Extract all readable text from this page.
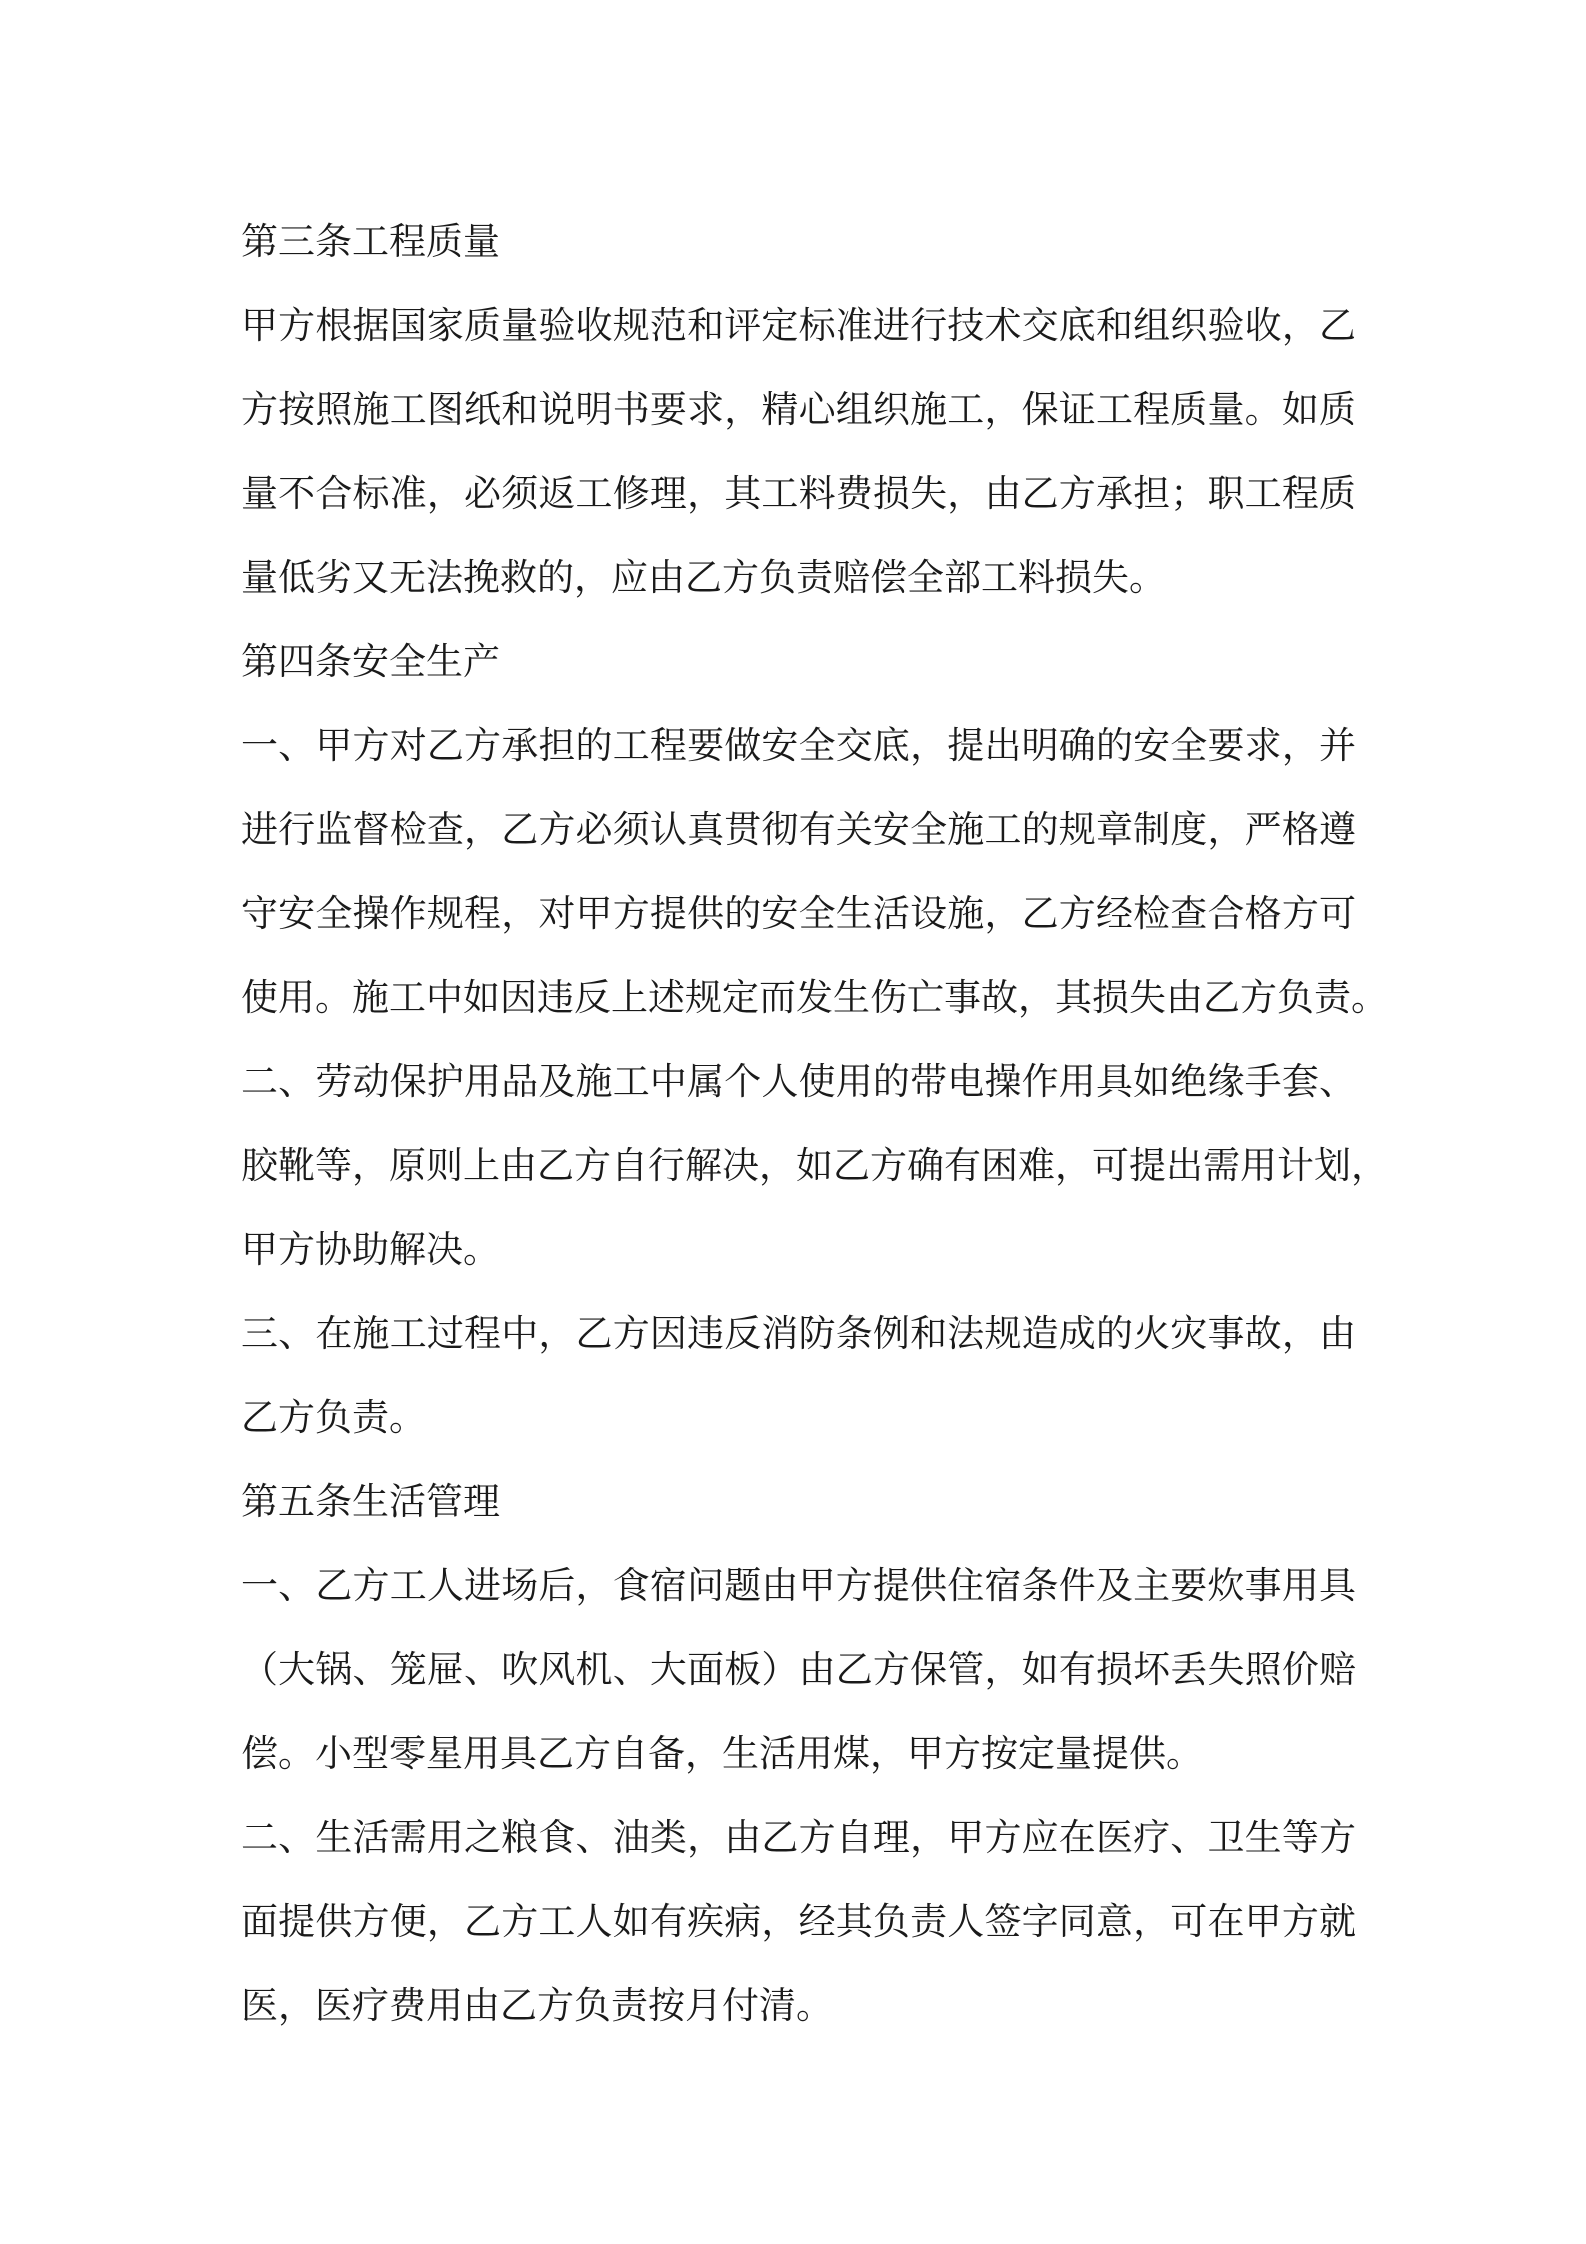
第三条工程质量

甲方根据国家质量验收规范和评定标准进行技术交底和组织验收，乙

方按照施工图纸和说明书要求，精心组织施工，保证工程质量。如质

量不合标准，必须返工修理，其工料费损失，由乙方承担；职工程质

量低劣又无法挽救的，应由乙方负责赔偿全部工料损失。

第四条安全生产

一、甲方对乙方承担的工程要做安全交底，提出明确的安全要求，并

进行监督检查，乙方必须认真贯彻有关安全施工的规章制度，严格遵

守安全操作规程，对甲方提供的安全生活设施，乙方经检查合格方可

使用。施工中如因违反上述规定而发生伤亡事故，其损失由乙方负责。

二、劳动保护用品及施工中属个人使用的带电操作用具如绝缘手套、

胶靴等，原则上由乙方自行解决，如乙方确有困难，可提出需用计划，

甲方协助解决。

三、在施工过程中，乙方因违反消防条例和法规造成的火灾事故，由

乙方负责。

第五条生活管理

一、乙方工人进场后，食宿问题由甲方提供住宿条件及主要炊事用具

（大锅、笼屉、吹风机、大面板）由乙方保管，如有损坏丢失照价赔

偿。小型零星用具乙方自备，生活用煤，甲方按定量提供。

二、生活需用之粮食、油类，由乙方自理，甲方应在医疗、卫生等方

面提供方便，乙方工人如有疾病，经其负责人签字同意，可在甲方就

医，医疗费用由乙方负责按月付清。
